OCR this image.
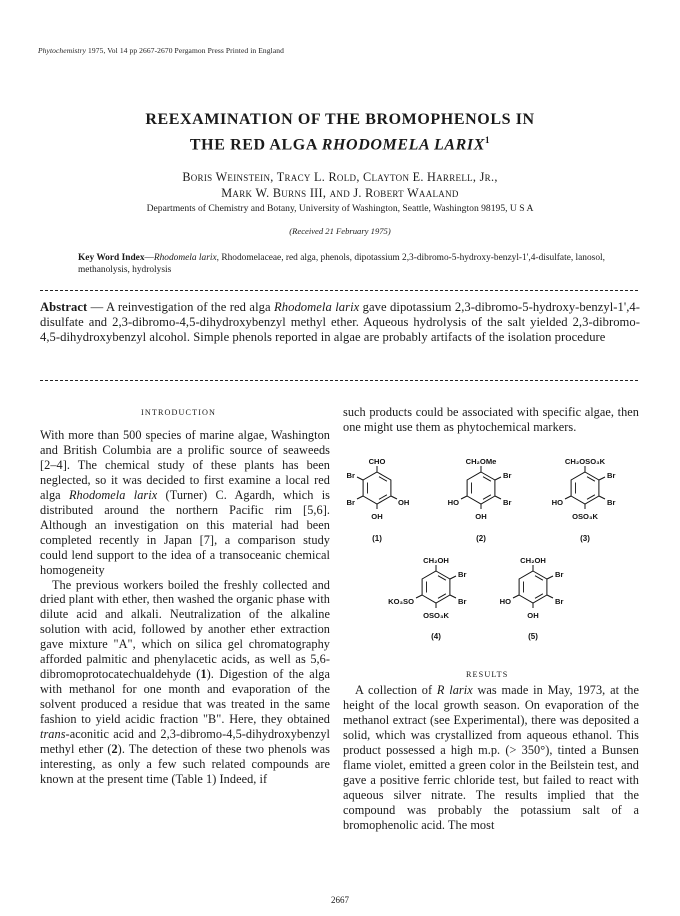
Phytochemistry 1975, Vol 14 pp 2667-2670 Pergamon Press Printed in England
REEXAMINATION OF THE BROMOPHENOLS IN
THE RED ALGA RHODOMELA LARIX$^1$
Boris Weinstein, Tracy L. Rold, Clayton E. Harrell, Jr.,
Mark W. Burns III, and J. Robert Waaland
Departments of Chemistry and Botany, University of Washington, Seattle, Washington 98195, U S A
(Received 21 February 1975)
Key Word Index—Rhodomela larix, Rhodomelaceae, red alga, phenols, dipotassium 2,3-dibromo-5-hydroxy-benzyl-1',4-disulfate, lanosol, methanolysis, hydrolysis
Abstract — A reinvestigation of the red alga Rhodomela larix gave dipotassium 2,3-dibromo-5-hydroxy-benzyl-1',4-disulfate and 2,3-dibromo-4,5-dihydroxybenzyl methyl ether. Aqueous hydrolysis of the salt yielded 2,3-dibromo-4,5-dihydroxybenzyl alcohol. Simple phenols reported in algae are probably artifacts of the isolation procedure
INTRODUCTION

With more than 500 species of marine algae, Washington and British Columbia are a prolific source of seaweeds [2–4]. The chemical study of these plants has been neglected, so it was decided to first examine a local red alga Rhodomela larix (Turner) C. Agardh, which is distributed around the northern Pacific rim [5,6]. Although an investigation on this material had been completed recently in Japan [7], a comparison study could lend support to the idea of a transoceanic chemical homogeneity

The previous workers boiled the freshly collected and dried plant with ether, then washed the organic phase with dilute acid and alkali. Neutralization of the alkaline solution with acid, followed by another ether extraction gave mixture "A", which on silica gel chromatography afforded palmitic and phenylacetic acids, as well as 5,6-dibromoprotocatechualdehyde (1). Digestion of the alga with methanol for one month and evaporation of the solvent produced a residue that was treated in the same fashion to yield acidic fraction "B". Here, they obtained trans-aconitic acid and 2,3-dibromo-4,5-dihydroxybenzyl methyl ether (2). The detection of these two phenols was interesting, as only a few such related compounds are known at the present time (Table 1) Indeed, if

such products could be associated with specific algae, then one might use them as phytochemical markers.
CHO
Br
Br	OH
OH
(1)
CH₂OMe
Br
Br
HO
OH
(2)
CH₂OSO₃K
Br
Br
HO
OSO₃K
(3)
CH₂OH
Br
Br
KO₃SO
OSO₃K
(4)
CH₂OH
Br
Br
HO
OH
(5)
RESULTS

A collection of R larix was made in May, 1973, at the height of the local growth season. On evaporation of the methanol extract (see Experimental), there was deposited a solid, which was crystallized from aqueous ethanol. This product possessed a high m.p. (> 350°), tinted a Bunsen flame violet, emitted a green color in the Beilstein test, and gave a positive ferric chloride test, but failed to react with aqueous silver nitrate. The results implied that the compound was probably the potassium salt of a bromophenolic acid. The most

2667
